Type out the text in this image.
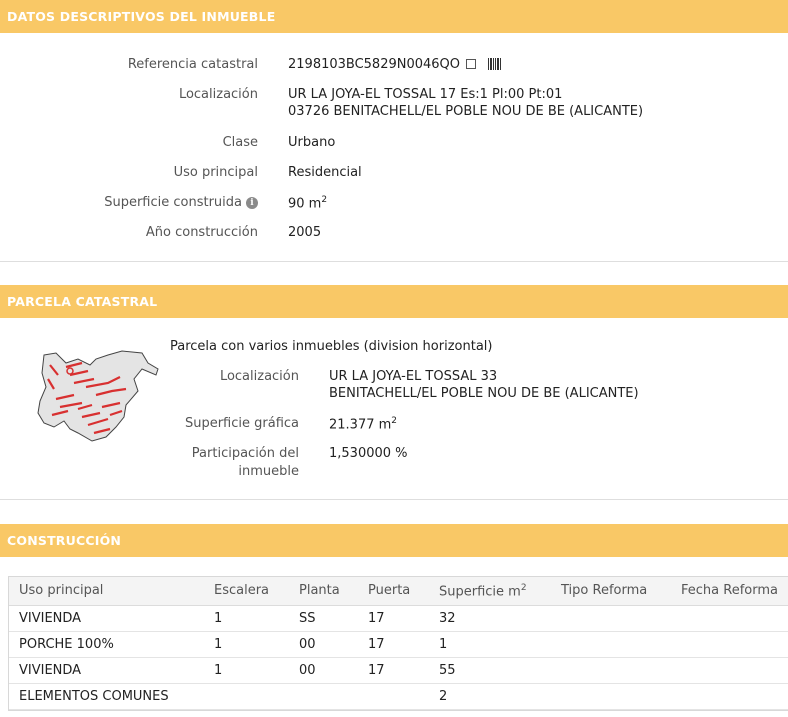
DATOS DESCRIPTIVOS DEL INMUEBLE
Referencia catastral 2198103BC5829N0046QO
Localización UR LA JOYA-EL TOSSAL 17 Es:1 Pl:00 Pt:01
03726 BENITACHELL/EL POBLE NOU DE BE (ALICANTE)
Clase Urbano
Uso principal Residencial
Superficie construida i	90 $m^2$
Año construcción 2005
PARCELA CATASTRAL
Parcela con varios inmuebles (division horizontal)
Localización UR LA JOYA-EL TOSSAL 33
BENITACHELL/EL POBLE NOU DE BE (ALICANTE)
Superficie gráfica 21.377 $m^2$
Participación del
inmueble
1,530000 %
CONSTRUCCIÓN
Uso principal	Escalera	Planta	Puerta	Superficie $m^2$	Tipo Reforma	Fecha Reforma
VIVIENDA	1	SS	17	32		
PORCHE 100%	1	00	17	1		
VIVIENDA	1	00	17	55		
ELEMENTOS COMUNES				2		
